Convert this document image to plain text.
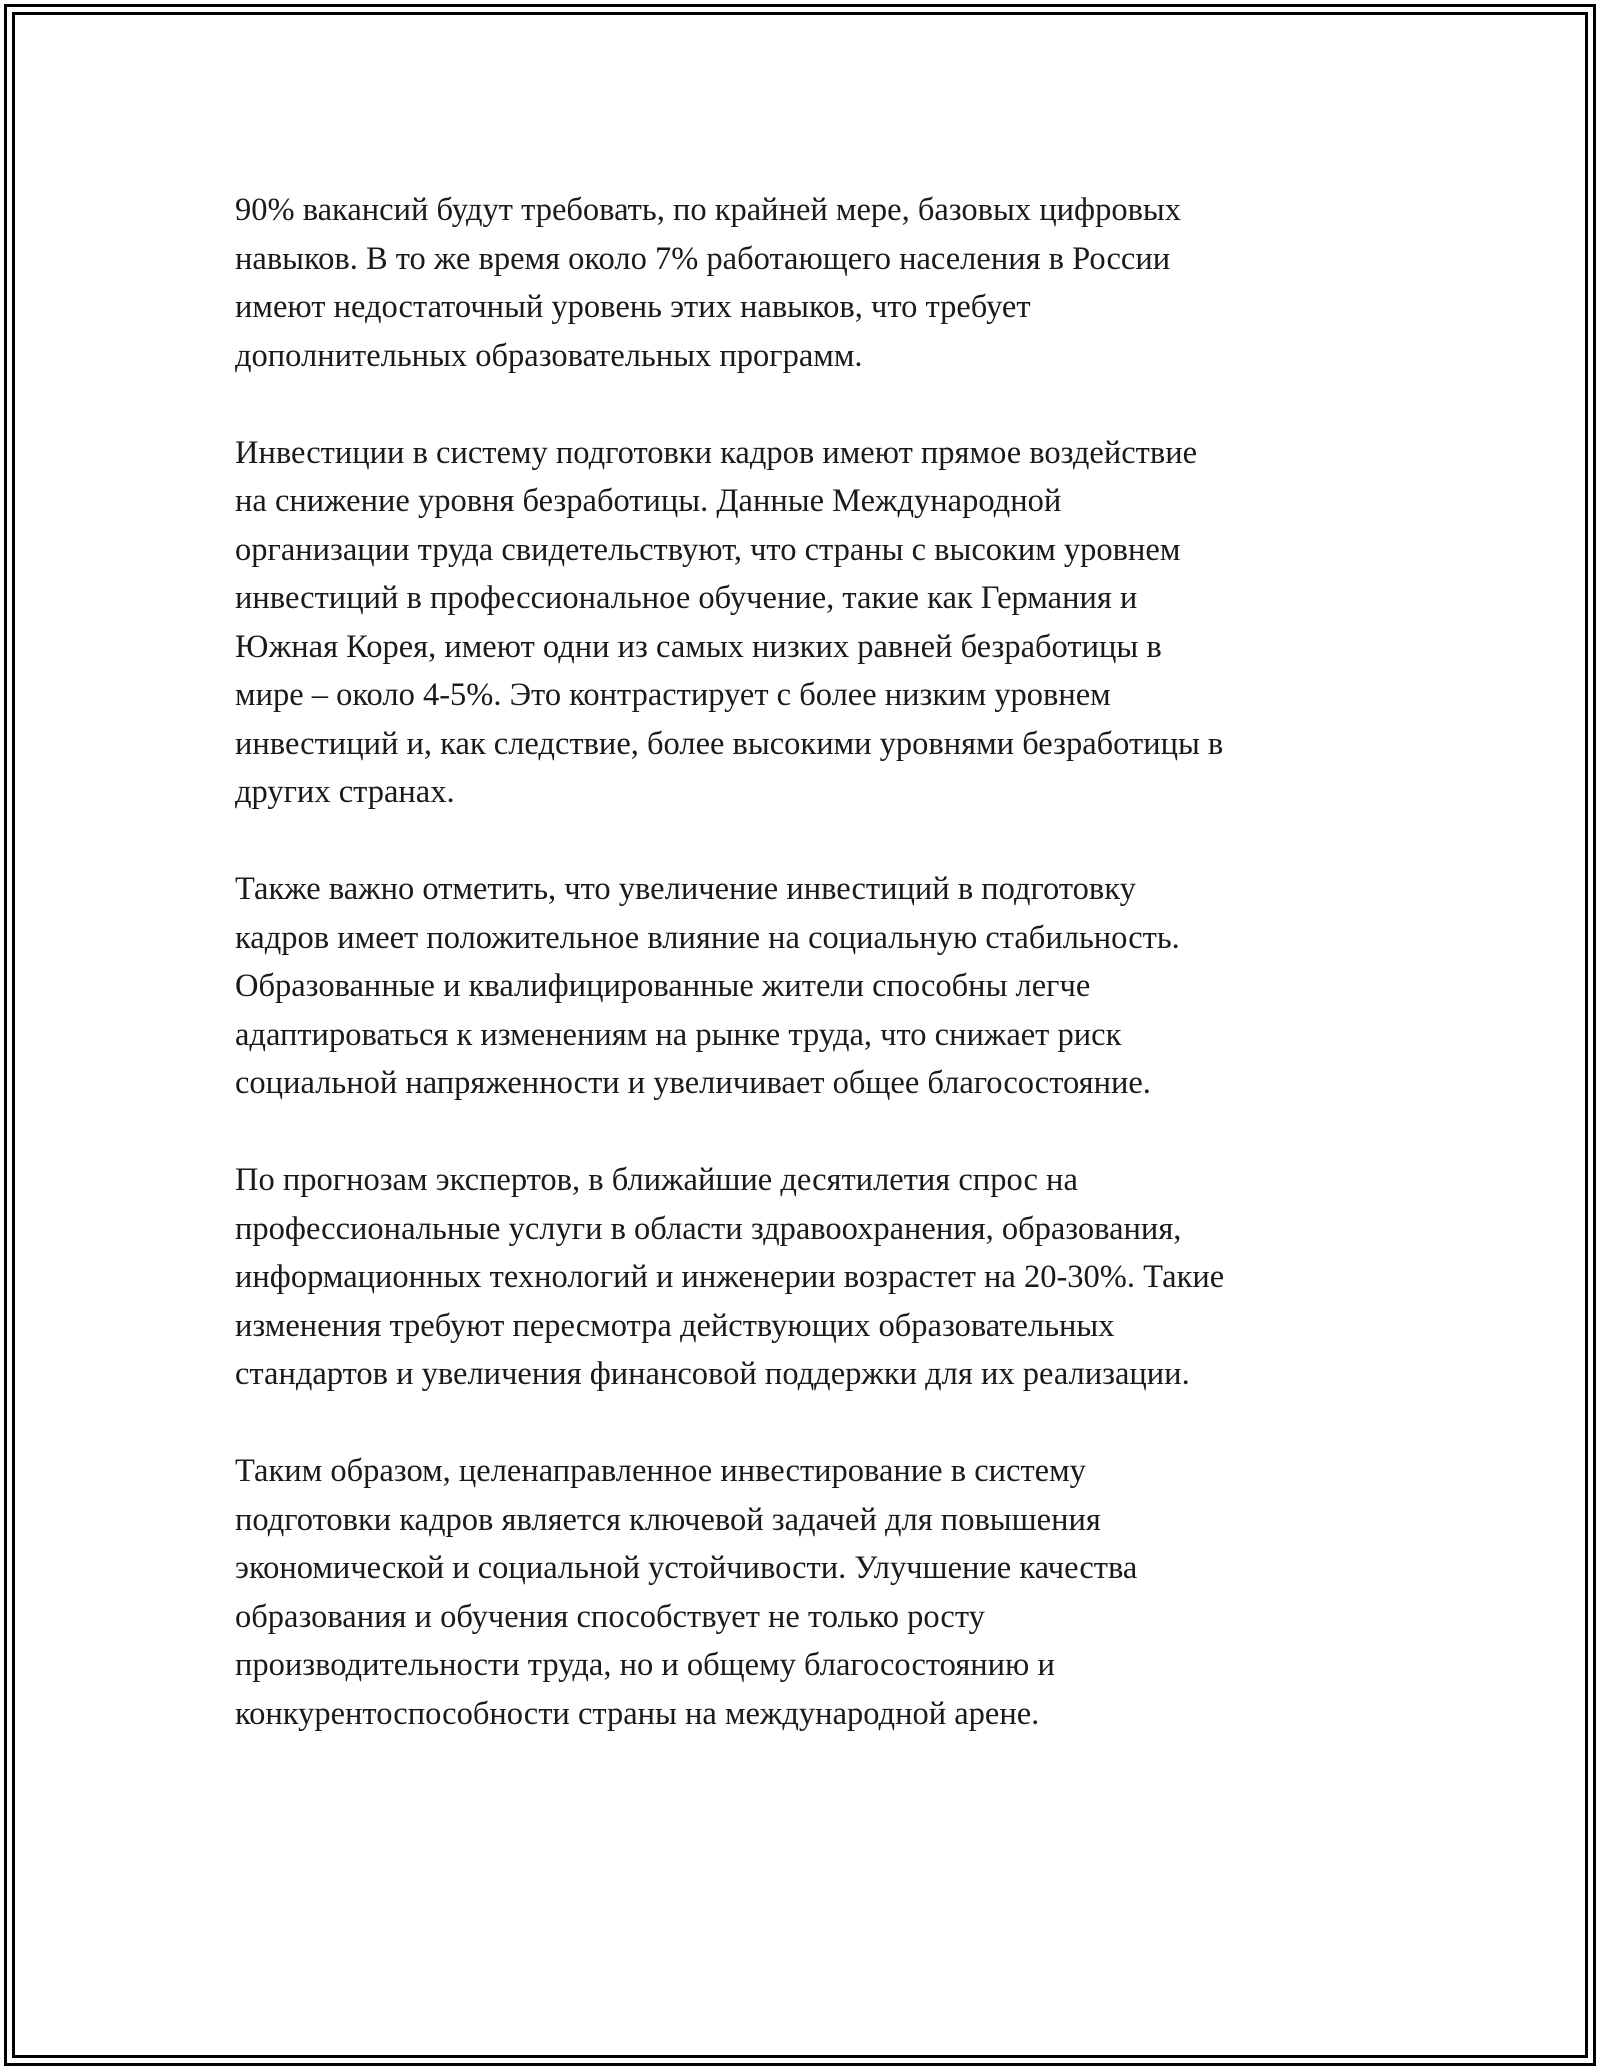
90% вакансий будут требовать, по крайней мере, базовых цифровых
навыков. В то же время около 7% работающего населения в России
имеют недостаточный уровень этих навыков, что требует
дополнительных образовательных программ.

Инвестиции в систему подготовки кадров имеют прямое воздействие
на снижение уровня безработицы. Данные Международной
организации труда свидетельствуют, что страны с высоким уровнем
инвестиций в профессиональное обучение, такие как Германия и
Южная Корея, имеют одни из самых низких равней безработицы в
мире – около 4-5%. Это контрастирует с более низким уровнем
инвестиций и, как следствие, более высокими уровнями безработицы в
других странах.

Также важно отметить, что увеличение инвестиций в подготовку
кадров имеет положительное влияние на социальную стабильность.
Образованные и квалифицированные жители способны легче
адаптироваться к изменениям на рынке труда, что снижает риск
социальной напряженности и увеличивает общее благосостояние.

По прогнозам экспертов, в ближайшие десятилетия спрос на
профессиональные услуги в области здравоохранения, образования,
информационных технологий и инженерии возрастет на 20-30%. Такие
изменения требуют пересмотра действующих образовательных
стандартов и увеличения финансовой поддержки для их реализации.

Таким образом, целенаправленное инвестирование в систему
подготовки кадров является ключевой задачей для повышения
экономической и социальной устойчивости. Улучшение качества
образования и обучения способствует не только росту
производительности труда, но и общему благосостоянию и
конкурентоспособности страны на международной арене.
